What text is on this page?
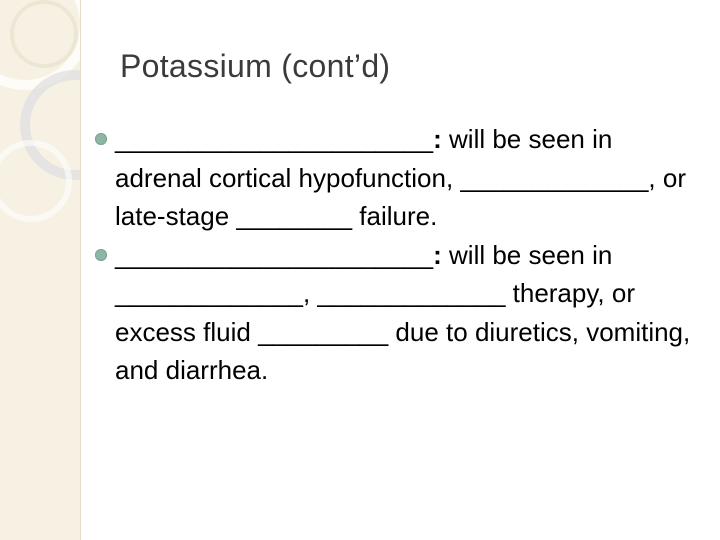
Potassium (cont’d)
______________________: will be seen in adrenal cortical hypofunction, _____________, or late-stage ________ failure.
______________________: will be seen in _____________, _____________ therapy, or excess fluid _________ due to diuretics, vomiting, and diarrhea.
